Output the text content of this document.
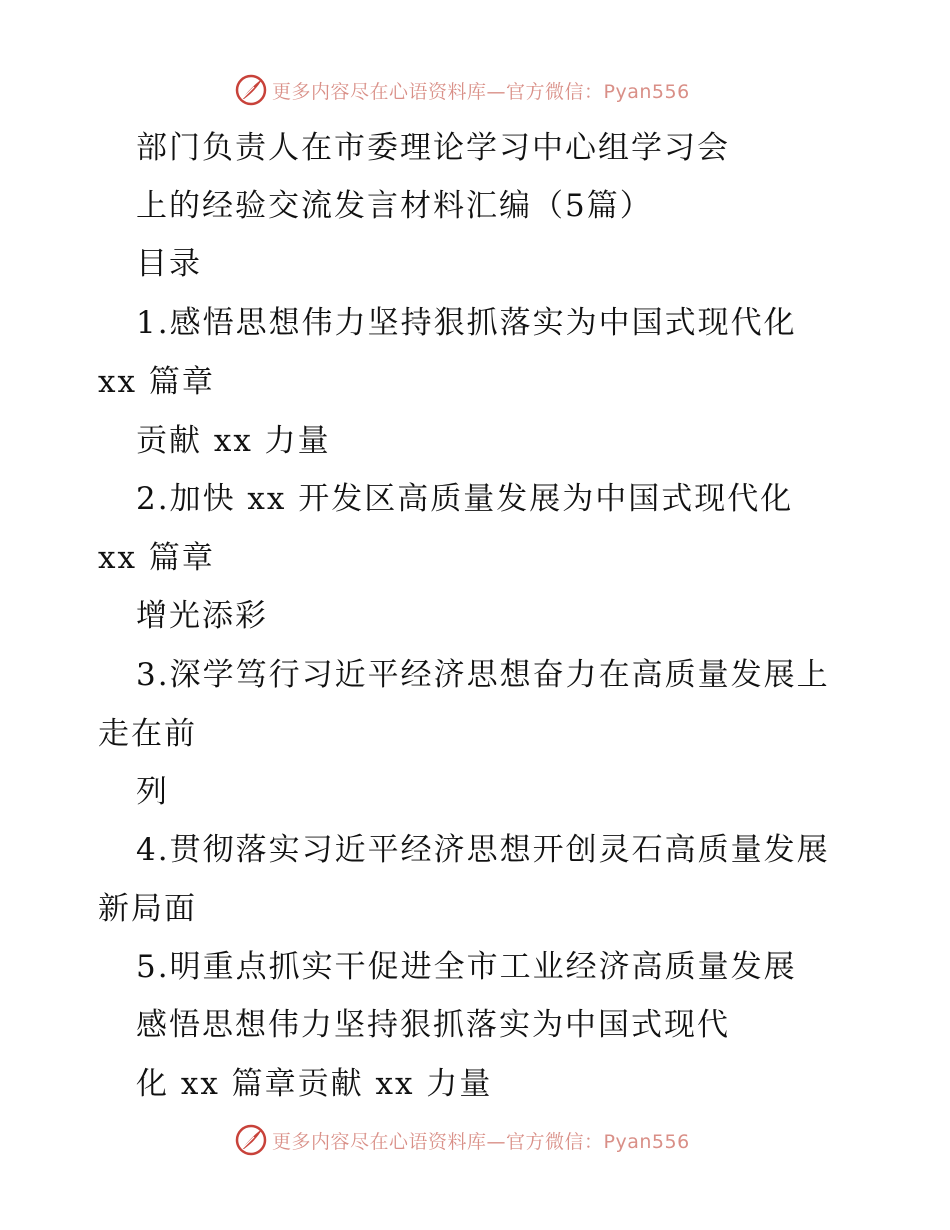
更多内容尽在心语资料库—官方微信：Pyan556
部门负责人在市委理论学习中心组学习会
上的经验交流发言材料汇编（5篇）
目录
1.感悟思想伟力坚持狠抓落实为中国式现代化
xx 篇章
贡献 xx 力量
2.加快 xx 开发区高质量发展为中国式现代化
xx 篇章
增光添彩
3.深学笃行习近平经济思想奋力在高质量发展上
走在前
列
4.贯彻落实习近平经济思想开创灵石高质量发展
新局面
5.明重点抓实干促进全市工业经济高质量发展
感悟思想伟力坚持狠抓落实为中国式现代
化 xx 篇章贡献 xx 力量
更多内容尽在心语资料库—官方微信：Pyan556
